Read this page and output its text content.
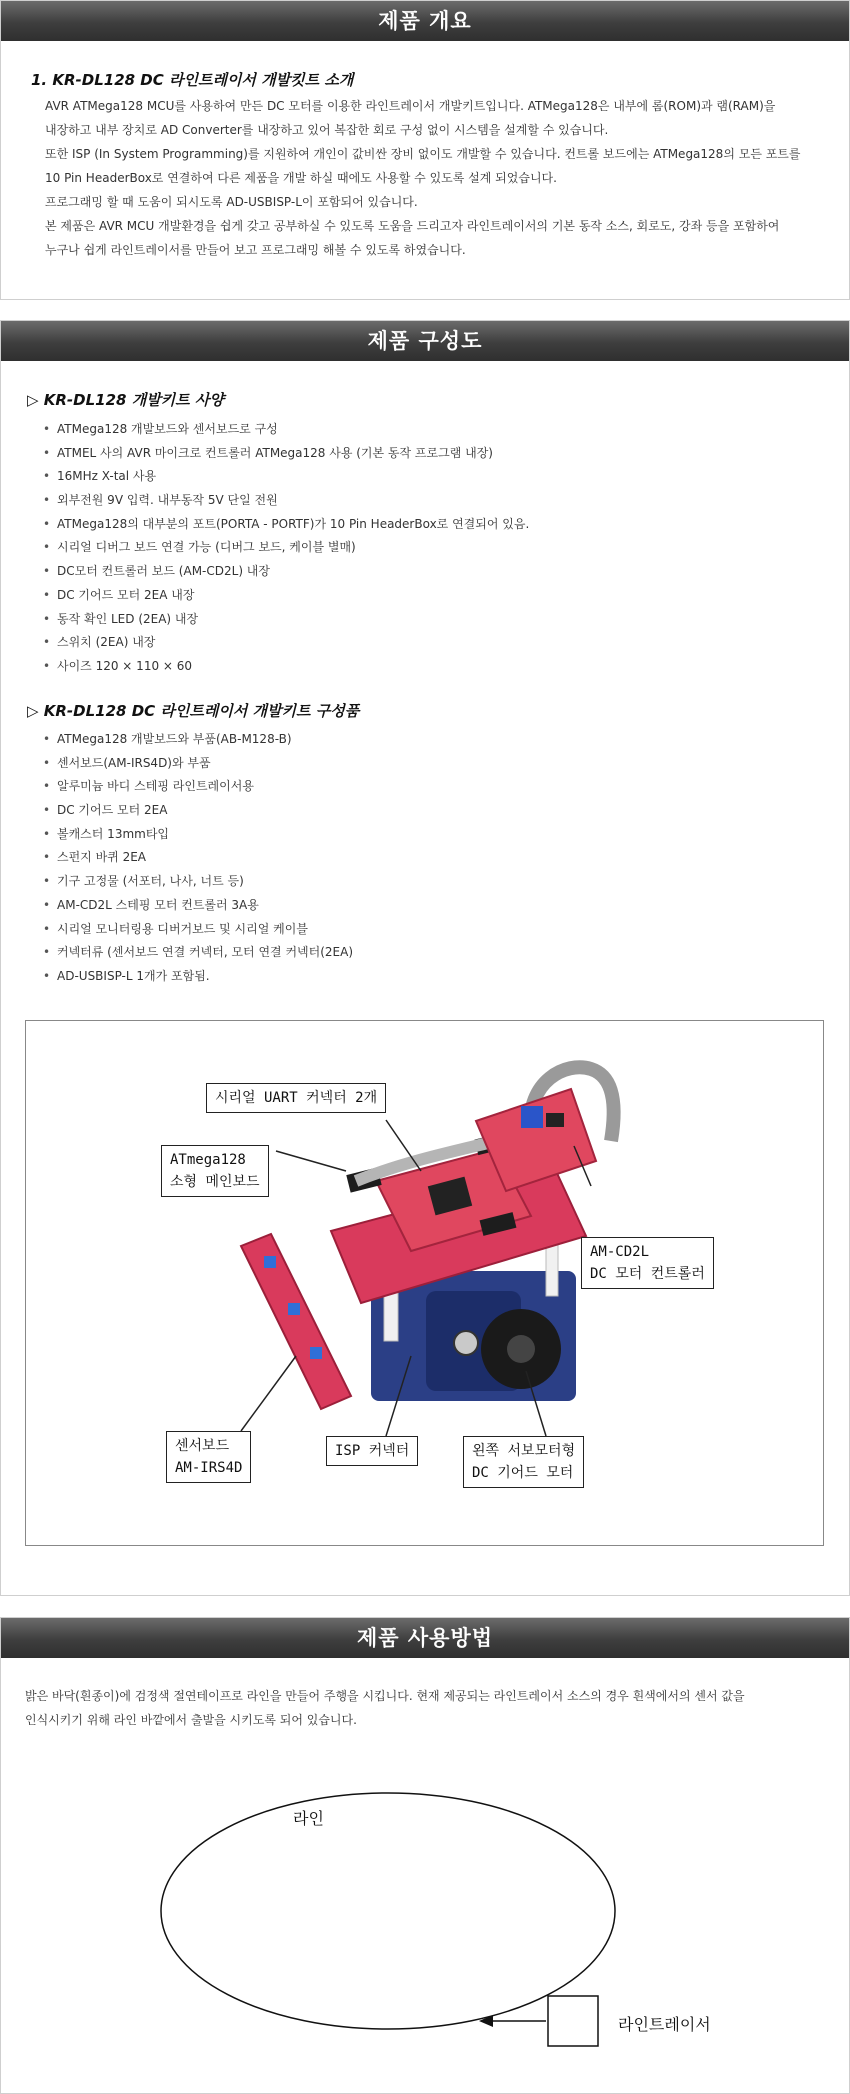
제품 개요
1. KR-DL128 DC 라인트레이서 개발킷트 소개
AVR ATMega128 MCU를 사용하여 만든 DC 모터를 이용한 라인트레이서 개발키트입니다. ATMega128은 내부에 롬(ROM)과 램(RAM)을
내장하고 내부 장치로 AD Converter를 내장하고 있어 복잡한 회로 구성 없이 시스템을 설계할 수 있습니다.
또한 ISP (In System Programming)를 지원하여 개인이 값비싼 장비 없이도 개발할 수 있습니다. 컨트롤 보드에는 ATMega128의 모든 포트를
10 Pin HeaderBox로 연결하여 다른 제품을 개발 하실 때에도 사용할 수 있도록 설계 되었습니다.
프로그래밍 할 때 도움이 되시도록 AD-USBISP-L이 포함되어 있습니다.
본 제품은 AVR MCU 개발환경을 쉽게 갖고 공부하실 수 있도록 도움을 드리고자 라인트레이서의 기본 동작 소스, 회로도, 강좌 등을 포함하여
누구나 쉽게 라인트레이서를 만들어 보고 프로그래밍 해볼 수 있도록 하였습니다.
제품 구성도
▷ KR-DL128 개발키트 사양
• ATMega128 개발보드와 센서보드로 구성
• ATMEL 사의 AVR 마이크로 컨트롤러 ATMega128 사용 (기본 동작 프로그램 내장)
• 16MHz X-tal 사용
• 외부전원 9V 입력. 내부동작 5V 단일 전원
• ATMega128의 대부분의 포트(PORTA - PORTF)가 10 Pin HeaderBox로 연결되어 있음.
• 시리얼 디버그 보드 연결 가능 (디버그 보드, 케이블 별매)
• DC모터 컨트롤러 보드 (AM-CD2L) 내장
• DC 기어드 모터 2EA 내장
• 동작 확인 LED (2EA) 내장
• 스위치 (2EA) 내장
• 사이즈 120 × 110 × 60
▷ KR-DL128 DC 라인트레이서 개발키트 구성품
• ATMega128 개발보드와 부품(AB-M128-B)
• 센서보드(AM-IRS4D)와 부품
• 알루미늄 바디 스테핑 라인트레이서용
• DC 기어드 모터 2EA
• 볼캐스터 13mm타입
• 스펀지 바퀴 2EA
• 기구 고정물 (서포터, 나사, 너트 등)
• AM-CD2L 스테핑 모터 컨트롤러 3A용
• 시리얼 모니터링용 디버거보드 및 시리얼 케이블
• 커넥터류 (센서보드 연결 커넥터, 모터 연결 커넥터(2EA)
• AD-USBISP-L 1개가 포함됨.
시리얼 UART 커넥터 2개
ATmega128
소형 메인보드
AM-CD2L
DC 모터 컨트롤러
센서보드
AM-IRS4D
ISP 커넥터	왼쪽 서보모터형
DC 기어드 모터
제품 사용방법
밝은 바닥(흰종이)에 검정색 절연테이프로 라인을 만들어 주행을 시킵니다. 현재 제공되는 라인트레이서 소스의 경우 흰색에서의 센서 값을
인식시키기 위해 라인 바깥에서 출발을 시키도록 되어 있습니다.
라인
라인트레이서
